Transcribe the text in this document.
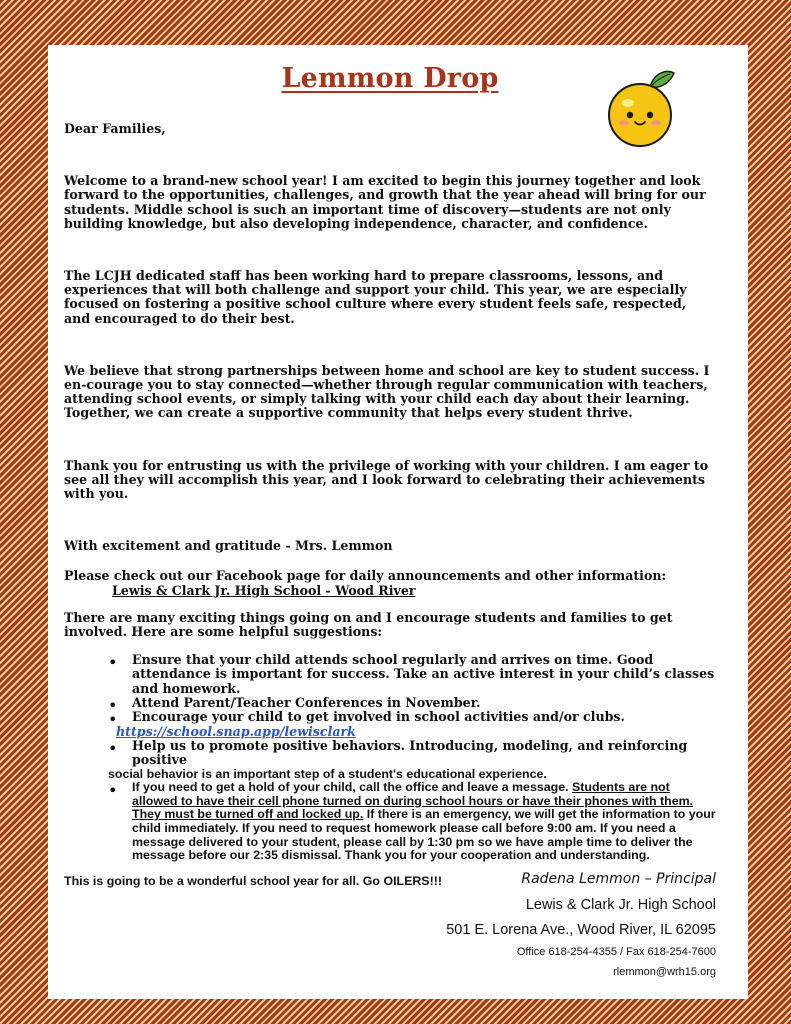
Lemmon Drop

Dear Families,

Welcome to a brand-new school year! I am excited to begin this journey together and look forward to the opportunities, challenges, and growth that the year ahead will bring for our students. Middle school is such an important time of discovery—students are not only building knowledge, but also developing independence, character, and confidence.

The LCJH dedicated staff has been working hard to prepare classrooms, lessons, and experiences that will both challenge and support your child. This year, we are especially focused on fostering a positive school culture where every student feels safe, respected, and encouraged to do their best.

We believe that strong partnerships between home and school are key to student success. I en-courage you to stay connected—whether through regular communication with teachers, attending school events, or simply talking with your child each day about their learning. Together, we can create a supportive community that helps every student thrive.

Thank you for entrusting us with the privilege of working with your children. I am eager to see all they will accomplish this year, and I look forward to celebrating their achievements with you.

With excitement and gratitude - Mrs. Lemmon

Please check out our Facebook page for daily announcements and other information:

Lewis & Clark Jr. High School - Wood River

There are many exciting things going on and I encourage students and families to get involved. Here are some helpful suggestions:

• Ensure that your child attends school regularly and arrives on time. Good attendance is important for success. Take an active interest in your child’s classes and homework.
• Attend Parent/Teacher Conferences in November.
• Encourage your child to get involved in school activities and/or clubs.
https://school.snap.app/lewisclark
• Help us to promote positive behaviors. Introducing, modeling, and reinforcing positive
social behavior is an important step of a student's educational experience.
• If you need to get a hold of your child, call the office and leave a message. Students are not allowed to have their cell phone turned on during school hours or have their phones with them. They must be turned off and locked up. If there is an emergency, we will get the information to your child immediately. If you need to request homework please call before 9:00 am. If you need a message delivered to your student, please call by 1:30 pm so we have ample time to deliver the message before our 2:35 dismissal. Thank you for your cooperation and understanding.
This is going to be a wonderful school year for all. Go OILERS!!!	Radena Lemmon – Principal
Lewis & Clark Jr. High School
501 E. Lorena Ave., Wood River, IL 62095
Office 618-254-4355 / Fax 618-254-7600
rlemmon@wrh15.org
